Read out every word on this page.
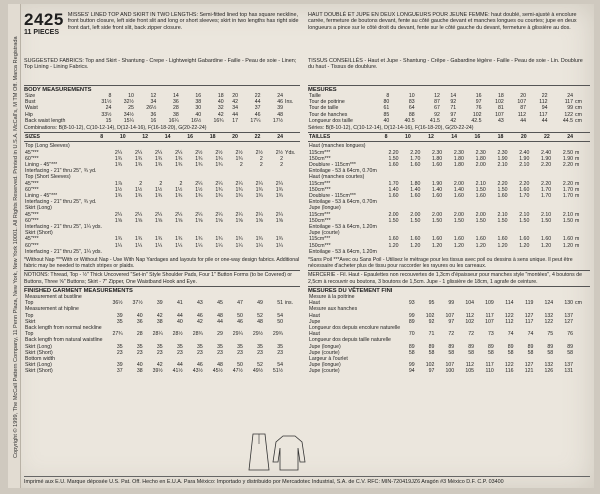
Copyright © 1999, The McCall Pattern Company, 11 Penn Plaza, New York, New York 10001. All Rights Reserved. Printed in U.S.A. McCall's, M TM Off. Marca Registrada
2425
11 PIECES
MISSES' LINED TOP AND SKIRT IN TWO LENGTHS: Semi-fitted lined top has square neckline, front button closure, left side front slit and long or short sleeves; skirt in two lengths has right side front dart, left side front slit, back zipper closure.
SUGGESTED FABRICS: Top and Skirt - Shantung - Crepe - Lightweight Gabardine - Faille - Peau de soie - Linen; Top Lining - Lining Fabrics.
BODY MEASUREMENTS
Size	8	10	12	14	16	18	20	22	24	
Bust	31½	32½	34	36	38	40	42	44	46	Ins.
Waist	24	25	26½	28	30	32	34	37	39	
Hip	33½	34½	36	38	40	42	44	46	48	
Back waist length	15	15¼	16	16¼	16½	16¾	17	17¼	17½	
Combinations: B(8-10-12), C(10-12-14), D(12-14-16), F(16-18-20), G(20-22-24)
SIZES	8	10	12	14	16	18	20	22	24	
Top (Long Sleeves)										
45"***	2¼	2¼	2¼	2¼	2½	2½	2½	2½	2½	Yds.
60"***	1¾	1¾	1¾	1¾	1¾	1¾	1¾	2	2	
Lining - 45"***	1¾	1¾	1¾	1¾	1¾	1¾	2	2	2	
Interfacing - 21" thru 25", ¾ yd.										
Top (Short Sleeves)										
45"***	1⅞	2	2	2	2¼	2¼	2¼	2¼	2¼	
60"***	1½	1½	1½	1½	1½	1¾	1¾	1¾	1¾	
Lining - 45"***	1¾	1¾	1¾	1¾	1¾	1¾	1¾	1¾	1¾	
Interfacing - 21" thru 25", ¾ yd.										
Skirt (Long)										
45"***	2¼	2¼	2¼	2¼	2¼	2¼	2¼	2¼	2¼	
60"***	1⅝	1⅝	1⅝	1⅝	1⅝	1⅝	1⅝	1⅝	1⅝	
Interfacing - 21" thru 25", 1¼ yds.										
Skirt (Short)										
45"***	1¾	1¾	1¾	1¾	1¾	1¾	1¾	1¾	1¾	
60"***	1¼	1¼	1¼	1¼	1¼	1¼	1¼	1¼	1¼	
Interfacing - 21" thru 25", 1¼ yds.										
*Without Nap ***With or Without Nap - Use With Nap Yardages and layouts for pile or one-way design fabrics. Additional fabric may be needed to match stripes or plaids.
NOTIONS: Thread, Top - ½" Thick Uncovered "Set-in" Style Shoulder Pads, Four 1" Button Forms (to be Covered) or Buttons, Three ⅝" Buttons; Skirt - 7" Zipper, One Waistband Hook and Eye.
FINISHED GARMENT MEASUREMENTS
Measurement at bustline										
Top	36½	37½	39	41	43	45	47	49	51	ins.
Measurement at hipline										
Top	39	40	42	44	46	48	50	52	54	
Skirt	35	36	38	40	42	44	46	48	50	
Back length from normal neckline										
Top	27¾	28	28¼	28½	28¾	29	29¼	29½	29¾	
Back length from natural waistline										
Skirt (Long)	35	35	35	35	35	35	35	35	35	
Skirt (Short)	23	23	23	23	23	23	23	23	23	
Bottom width										
Skirt (Long)	39	40	42	44	46	48	50	52	54	
Skirt (Short)	37	38	39½	41½	43½	45½	47½	49½	51½	
HAUT DOUBLÉ ET JUPE EN DEUX LONGUEURS POUR JEUNE FEMME: haut doublé, semi-ajusté à encolure carrée, fermeture de boutons devant, fente au côté gauche devant et manches longues ou courtes; jupe en deux longueurs a pince sur le côté droit du devant, fente sur le côté gauche du devant, fermeture à glissière au dos.
TISSUS CONSEILLÉS - Haut et Jupe - Shantung - Crêpe - Gabardine légère - Faille - Peau de soie - Lin. Doublure du haut - Tissus de doublure.
MESURES
Taille	8	10	12	14	16	18	20	22	24	
Tour de poitrine	80	83	87	92	97	102	107	112	117	cm
Tour de taille	61	64	67	71	76	81	87	94	99	cm
Tour de hanches	85	88	92	97	102	107	112	117	122	cm
Longueur dos taille	40	40.5	41.5	42	42.5	43	44	44	44.5	cm
Séries: B(8-10-12), C(10-12-14), D(12-14-16), F(16-18-20), G(20-22-24)
TAILLES	8	10	12	14	16	18	20	22	24	
Haut (manches longues)										
115cm***	2.20	2.20	2.30	2.30	2.30	2.30	2.40	2.40	2.50	m
150cm***	1.50	1.70	1.80	1.80	1.80	1.90	1.90	1.90	1.90	m
Doublure - 115cm***	1.60	1.60	1.60	1.80	2.00	2.10	2.10	2.20	2.20	m
Entoilage - 53 à 64cm, 0.70m										
Haut (manches courtes)										
115cm***	1.70	1.80	1.90	2.00	2.10	2.20	2.20	2.20	2.20	m
150cm***	1.40	1.40	1.40	1.40	1.50	1.50	1.60	1.70	1.70	m
Doublure - 115cm***	1.60	1.60	1.60	1.60	1.60	1.60	1.70	1.70	1.70	m
Entoilage - 53 à 64cm, 0.70m										
Jupe (longue)										
115cm***	2.00	2.00	2.00	2.00	2.00	2.10	2.10	2.10	2.10	m
150cm***	1.50	1.50	1.50	1.50	1.50	1.50	1.50	1.50	1.50	m
Entoilage - 53 à 64cm, 1.20m										
Jupe (courte)										
115cm***	1.60	1.60	1.60	1.60	1.60	1.60	1.60	1.60	1.60	m
150cm***	1.20	1.20	1.20	1.20	1.20	1.20	1.20	1.20	1.20	m
Entoilage - 53 à 64cm, 1.20m										
*Sans Poil ***Avec ou Sans Poil - Utilisez le métrage pour les tissus avec poil ou dessins à sens unique. Il peut être nécessaire d'acheter plus de tissu pour raccorder les rayures ou les carreaux.
MERCERIE - Fil. Haut - Epaulettes non recouvertes de 1,3cm d'épaisseur pour manches style "montées", 4 boutons de 2,5cm à recouvrir ou boutons, 3 boutons de 1,5cm. Jupe - 1 glissière de 18cm, 1 agrafe de ceinture.
MESURES DU VÊTEMENT FINI
Mesure à la poitrine										
Haut	93	95	99	104	109	114	119	124	130	cm
Mesure aux hanches										
Haut	99	102	107	112	117	122	127	132	137	
Jupe	89	92	97	102	107	112	117	122	127	
Longueur dos depuis encolure naturelle										
Haut	70	71	72	72	73	74	74	75	76	
Longueur dos depuis taille naturelle										
Jupe (longue)	89	89	89	89	89	89	89	89	89	
Jupe (courte)	58	58	58	58	58	58	58	58	58	
Largeur à l'ourlet										
Jupe (longue)	99	102	107	112	117	122	127	132	137	
Jupe (courte)	94	97	100	105	110	116	121	126	131	
Imprimé aux E.U. Marque déposée U.S. Pat. Off. Hecho en E.U.A. Para México: Importado y distribuido por Mercadotec Industrial, S.A. de C.V. RFC: MIN-720419JZ6 Aragón #3 México D.F. C.P. 03400
